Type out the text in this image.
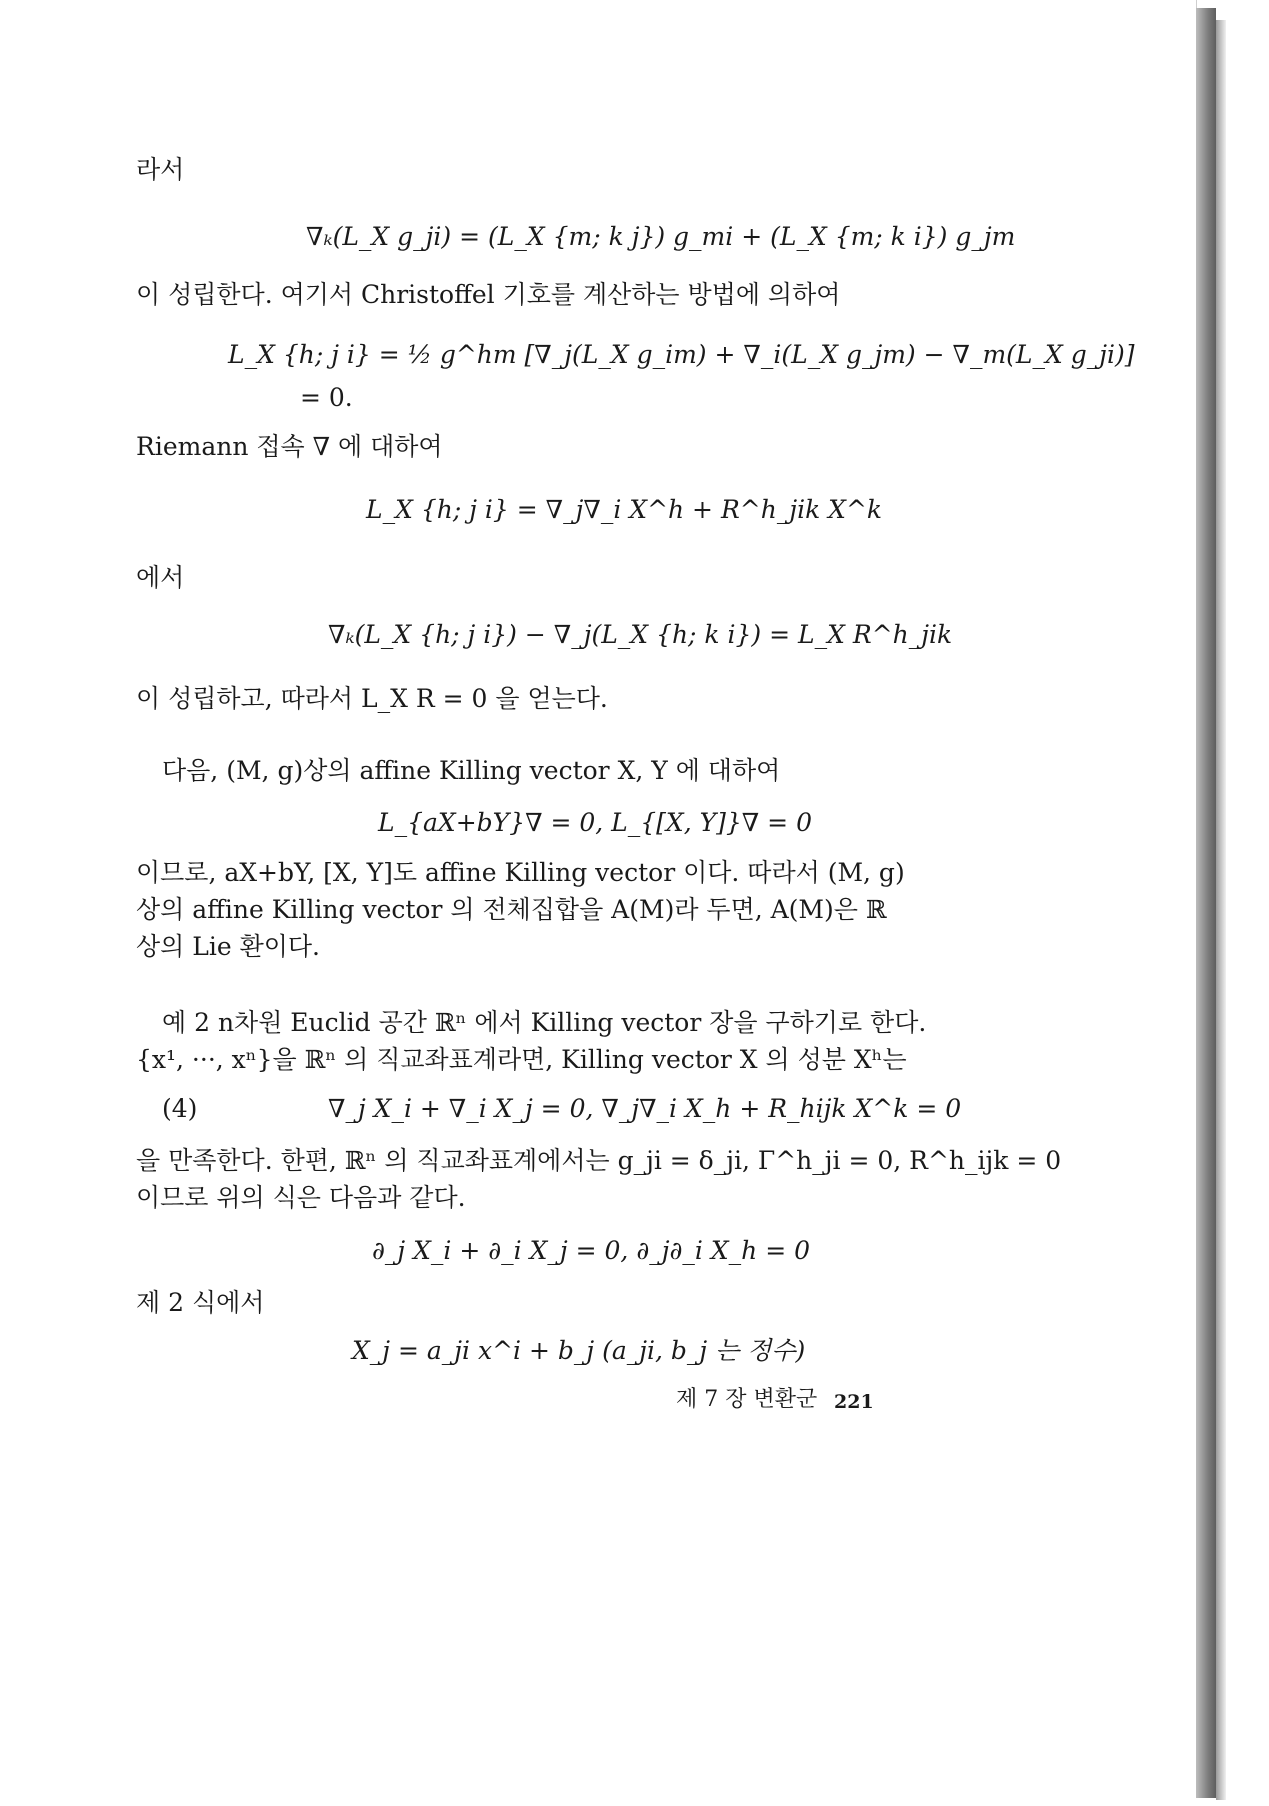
라서
∇ₖ(L_X g_ji) = (L_X {m; k j}) g_mi + (L_X {m; k i}) g_jm
이 성립한다. 여기서 Christoffel 기호를 계산하는 방법에 의하여
L_X {h; j i} = ½ g^hm [∇_j(L_X g_im) + ∇_i(L_X g_jm) − ∇_m(L_X g_ji)]
= 0.
Riemann 접속 ∇ 에 대하여
L_X {h; j i} = ∇_j∇_i X^h + R^h_jik X^k
에서
∇ₖ(L_X {h; j i}) − ∇_j(L_X {h; k i}) = L_X R^h_jik
이 성립하고, 따라서 L_X R = 0 을 얻는다.
다음, (M, g)상의 affine Killing vector X, Y 에 대하여
L_{aX+bY}∇ = 0, L_{[X, Y]}∇ = 0
이므로, aX+bY, [X, Y]도 affine Killing vector 이다. 따라서 (M, g)
상의 affine Killing vector 의 전체집합을 A(M)라 두면, A(M)은 ℝ
상의 Lie 환이다.
예 2 n차원 Euclid 공간 ℝⁿ 에서 Killing vector 장을 구하기로 한다.
{x¹, ···, xⁿ}을 ℝⁿ 의 직교좌표계라면, Killing vector X 의 성분 Xʰ는
(4)	∇_j X_i + ∇_i X_j = 0, ∇_j∇_i X_h + R_hijk X^k = 0
을 만족한다. 한편, ℝⁿ 의 직교좌표계에서는 g_ji = δ_ji, Γ^h_ji = 0, R^h_ijk = 0
이므로 위의 식은 다음과 같다.
∂_j X_i + ∂_i X_j = 0, ∂_j∂_i X_h = 0
제 2 식에서
X_j = a_ji x^i + b_j (a_ji, b_j 는 정수)
제 7 장 변환군 221
